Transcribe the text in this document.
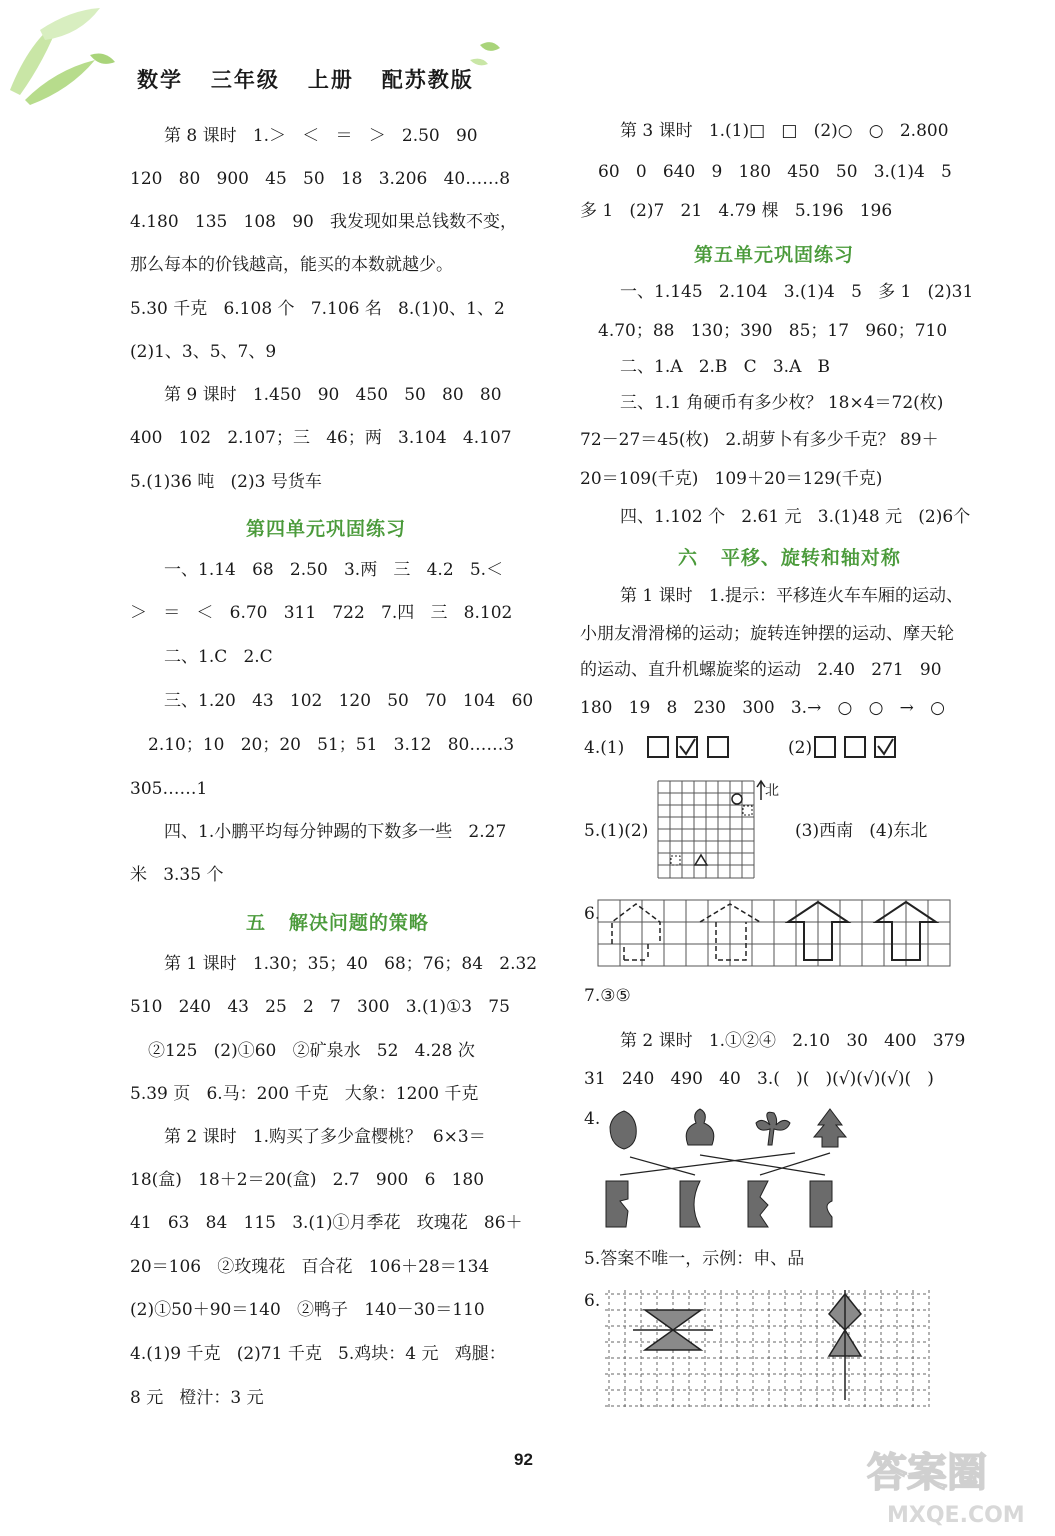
数学   三年级   上册   配苏教版
第 8 课时   1.＞   ＜   ＝   ＞   2.50   90
120   80   900   45   50   18   3.206   40……8
4.180   135   108   90   我发现如果总钱数不变，
那么每本的价钱越高，能买的本数就越少。
5.30 千克   6.108 个   7.106 名   8.(1)0、1、2
(2)1、3、5、7、9
第 9 课时   1.450   90   450   50   80   80
400   102   2.107；三   46；两   3.104   4.107
5.(1)36 吨   (2)3 号货车
第四单元巩固练习
一、1.14   68   2.50   3.两   三   4.2   5.＜
＞   ＝   ＜   6.70   311   722   7.四   三   8.102
二、1.C   2.C
三、1.20   43   102   120   50   70   104   60
2.10；10   20；20   51；51   3.12   80……3
305……1
四、1.小鹏平均每分钟踢的下数多一些   2.27
米   3.35 个
五   解决问题的策略
第 1 课时   1.30；35；40   68；76；84   2.32
510   240   43   25   2   7   300   3.(1)①3   75
②125   (2)①60   ②矿泉水   52   4.28 次
5.39 页   6.马：200 千克   大象：1200 千克
第 2 课时   1.购买了多少盒樱桃？  6×3＝
18(盒)   18＋2＝20(盒)   2.7   900   6   180
41   63   84   115   3.(1)①月季花   玫瑰花   86＋
20＝106   ②玫瑰花   百合花   106＋28＝134
(2)①50＋90＝140   ②鸭子   140－30＝110
4.(1)9 千克   (2)71 千克   5.鸡块：4 元   鸡腿：
8 元   橙汁：3 元
第 3 课时   1.(1)□   □   (2)○   ○   2.800
60   0   640   9   180   450   50   3.(1)4   5
多 1   (2)7   21   4.79 棵   5.196   196
第五单元巩固练习
一、1.145   2.104   3.(1)4   5   多 1   (2)31
4.70；88   130；390   85；17   960；710
二、1.A   2.B   C   3.A   B
三、1.1 角硬币有多少枚？ 18×4＝72(枚)
72－27＝45(枚)   2.胡萝卜有多少千克？ 89＋
20＝109(千克)   109＋20＝129(千克)
四、1.102 个   2.61 元   3.(1)48 元   (2)6个
六   平移、旋转和轴对称
第 1 课时   1.提示：平移连火车车厢的运动、
小朋友滑滑梯的运动；旋转连钟摆的运动、摩天轮
的运动、直升机螺旋桨的运动   2.40   271   90
180   19   8   230   300   3.→   ○   ○   →   ○
4.(1)	(2)
5.(1)(2)
北
(3)西南   (4)东北
6.
7.③⑤
第 2 课时   1.①②④   2.10   30   400   379
31   240   490   40   3.(   )(   )(√)(√)(√)(   )
4.
5.答案不唯一，示例：申、品
6.
92	答案圈
MXQE.COM
